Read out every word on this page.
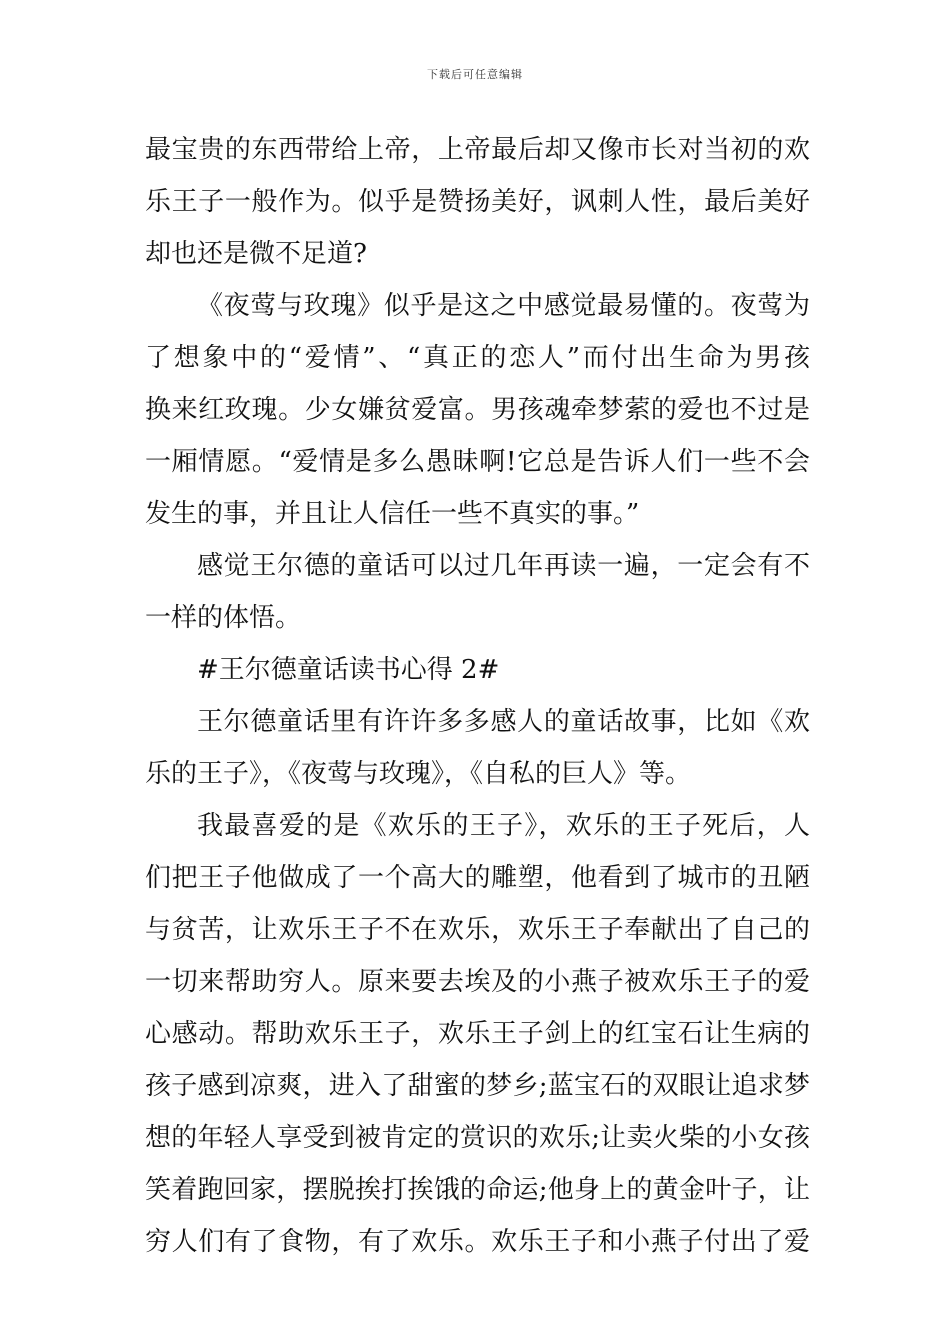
下载后可任意编辑
最宝贵的东西带给上帝，上帝最后却又像市长对当初的欢
乐王子一般作为。似乎是赞扬美好，讽刺人性，最后美好
却也还是微不足道?
《夜莺与玫瑰》似乎是这之中感觉最易懂的。夜莺为
了想象中的“爱情”、“真正的恋人”而付出生命为男孩
换来红玫瑰。少女嫌贫爱富。男孩魂牵梦萦的爱也不过是
一厢情愿。“爱情是多么愚昧啊!它总是告诉人们一些不会
发生的事，并且让人信任一些不真实的事。”
感觉王尔德的童话可以过几年再读一遍，一定会有不
一样的体悟。
#王尔德童话读书心得 2#
王尔德童话里有许许多多感人的童话故事，比如《欢
乐的王子》，《夜莺与玫瑰》，《自私的巨人》等。
我最喜爱的是《欢乐的王子》，欢乐的王子死后，人
们把王子他做成了一个高大的雕塑，他看到了城市的丑陋
与贫苦，让欢乐王子不在欢乐，欢乐王子奉献出了自己的
一切来帮助穷人。原来要去埃及的小燕子被欢乐王子的爱
心感动。帮助欢乐王子，欢乐王子剑上的红宝石让生病的
孩子感到凉爽，进入了甜蜜的梦乡;蓝宝石的双眼让追求梦
想的年轻人享受到被肯定的赏识的欢乐;让卖火柴的小女孩
笑着跑回家，摆脱挨打挨饿的命运;他身上的黄金叶子，让
穷人们有了食物，有了欢乐。欢乐王子和小燕子付出了爱
